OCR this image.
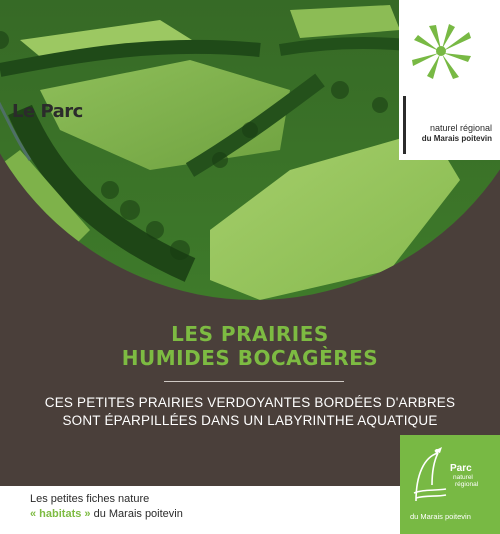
Le Parc
naturel régional
du Marais poitevin
LES PRAIRIES
HUMIDES BOCAGÈRES
CES PETITES PRAIRIES VERDOYANTES BORDÉES D'ARBRES
SONT ÉPARPILLÉES DANS UN LABYRINTHE AQUATIQUE
Les petites fiches nature
« habitats » du Marais poitevin
Parc
naturel
régional
du Marais poitevin
